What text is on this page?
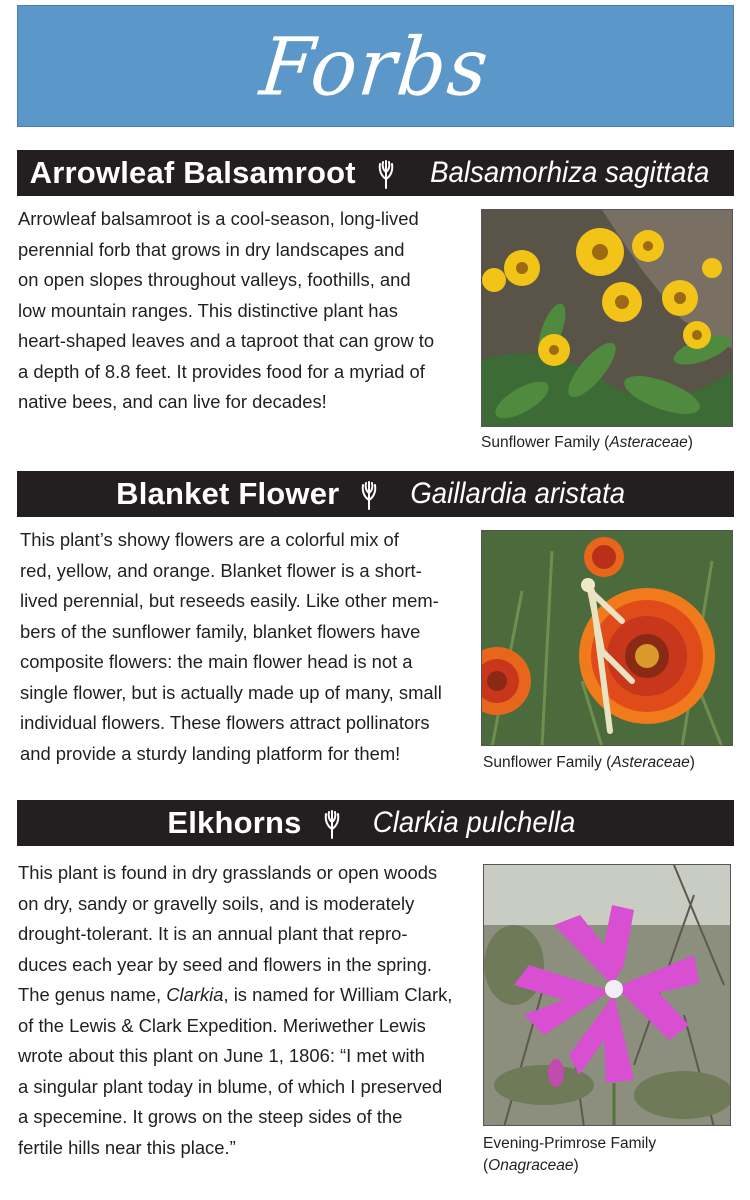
Forbs
Arrowleaf Balsamroot Balsamorhiza sagittata
Arrowleaf balsamroot is a cool-season, long-lived
perennial forb that grows in dry landscapes and
on open slopes throughout valleys, foothills, and
low mountain ranges. This distinctive plant has
heart-shaped leaves and a taproot that can grow to
a depth of 8.8 feet. It provides food for a myriad of
native bees, and can live for decades!
Sunflower Family (Asteraceae)
Blanket Flower Gaillardia aristata
This plant’s showy flowers are a colorful mix of
red, yellow, and orange. Blanket flower is a short-
lived perennial, but reseeds easily. Like other mem-
bers of the sunflower family, blanket flowers have
composite flowers: the main flower head is not a
single flower, but is actually made up of many, small
individual flowers. These flowers attract pollinators
and provide a sturdy landing platform for them!	Sunflower Family (Asteraceae)
Elkhorns Clarkia pulchella
This plant is found in dry grasslands or open woods
on dry, sandy or gravelly soils, and is moderately
drought-tolerant. It is an annual plant that repro-
duces each year by seed and flowers in the spring.
The genus name, Clarkia, is named for William Clark,
of the Lewis & Clark Expedition. Meriwether Lewis
wrote about this plant on June 1, 1806: “I met with
a singular plant today in blume, of which I preserved
a specemine. It grows on the steep sides of the
fertile hills near this place.”	Evening-Primrose Family
(Onagraceae)
